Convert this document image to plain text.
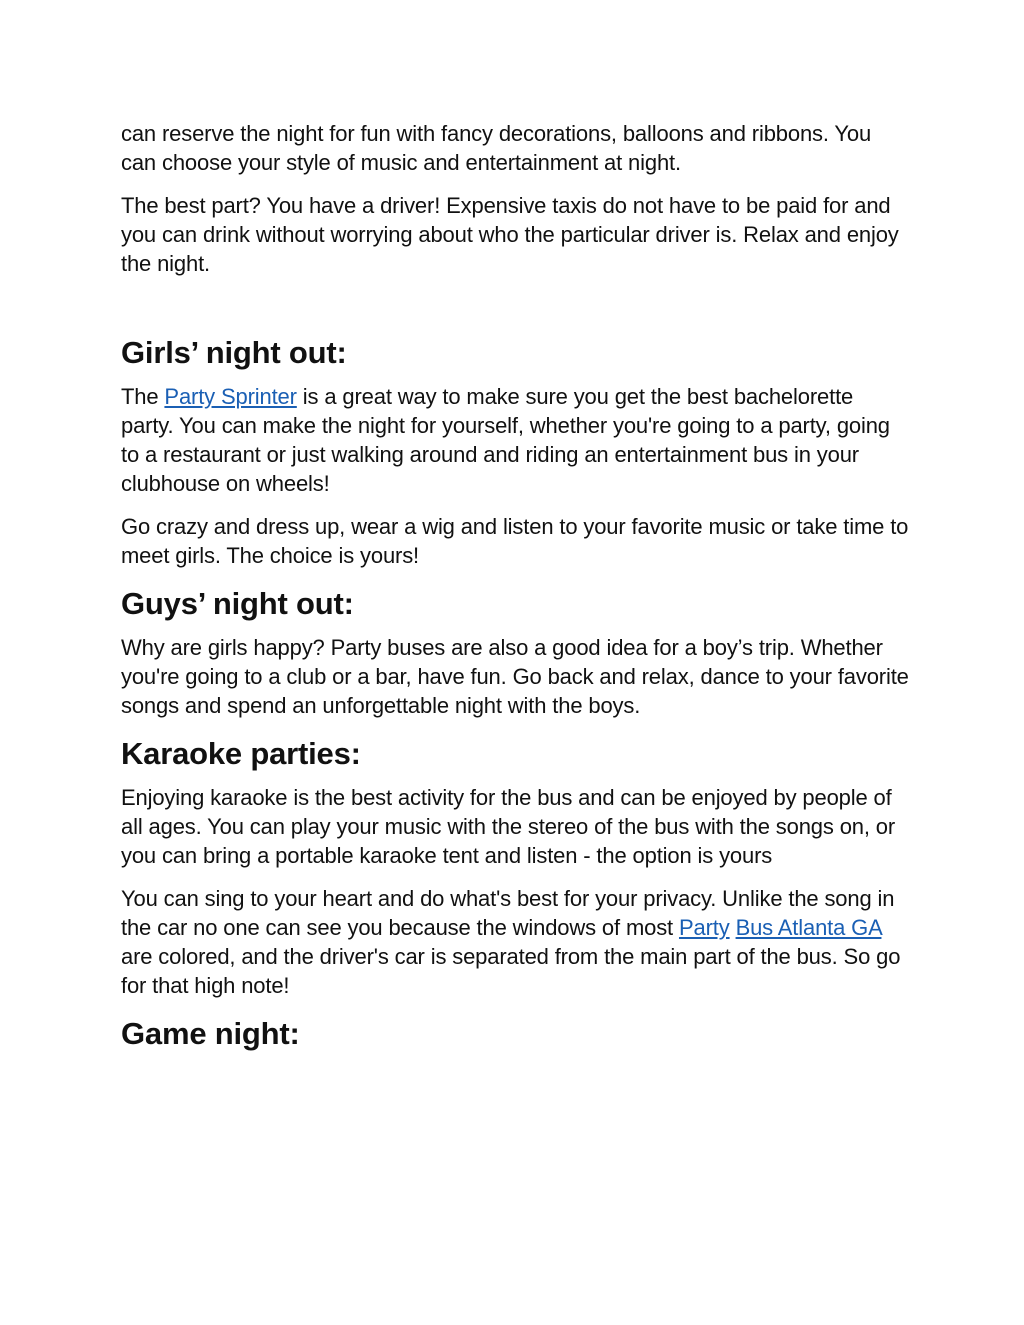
can reserve the night for fun with fancy decorations, balloons and ribbons. You can choose your style of music and entertainment at night.

The best part? You have a driver! Expensive taxis do not have to be paid for and you can drink without worrying about who the particular driver is. Relax and enjoy the night.

Girls’ night out:

The Party Sprinter is a great way to make sure you get the best bachelorette party. You can make the night for yourself, whether you're going to a party, going to a restaurant or just walking around and riding an entertainment bus in your clubhouse on wheels!

Go crazy and dress up, wear a wig and listen to your favorite music or take time to meet girls. The choice is yours!

Guys’ night out:

Why are girls happy? Party buses are also a good idea for a boy’s trip. Whether you're going to a club or a bar, have fun. Go back and relax, dance to your favorite songs and spend an unforgettable night with the boys.

Karaoke parties:

Enjoying karaoke is the best activity for the bus and can be enjoyed by people of all ages. You can play your music with the stereo of the bus with the songs on, or you can bring a portable karaoke tent and listen - the option is yours

You can sing to your heart and do what's best for your privacy. Unlike the song in the car no one can see you because the windows of most Party Bus Atlanta GA are colored, and the driver's car is separated from the main part of the bus. So go for that high note!

Game night:
